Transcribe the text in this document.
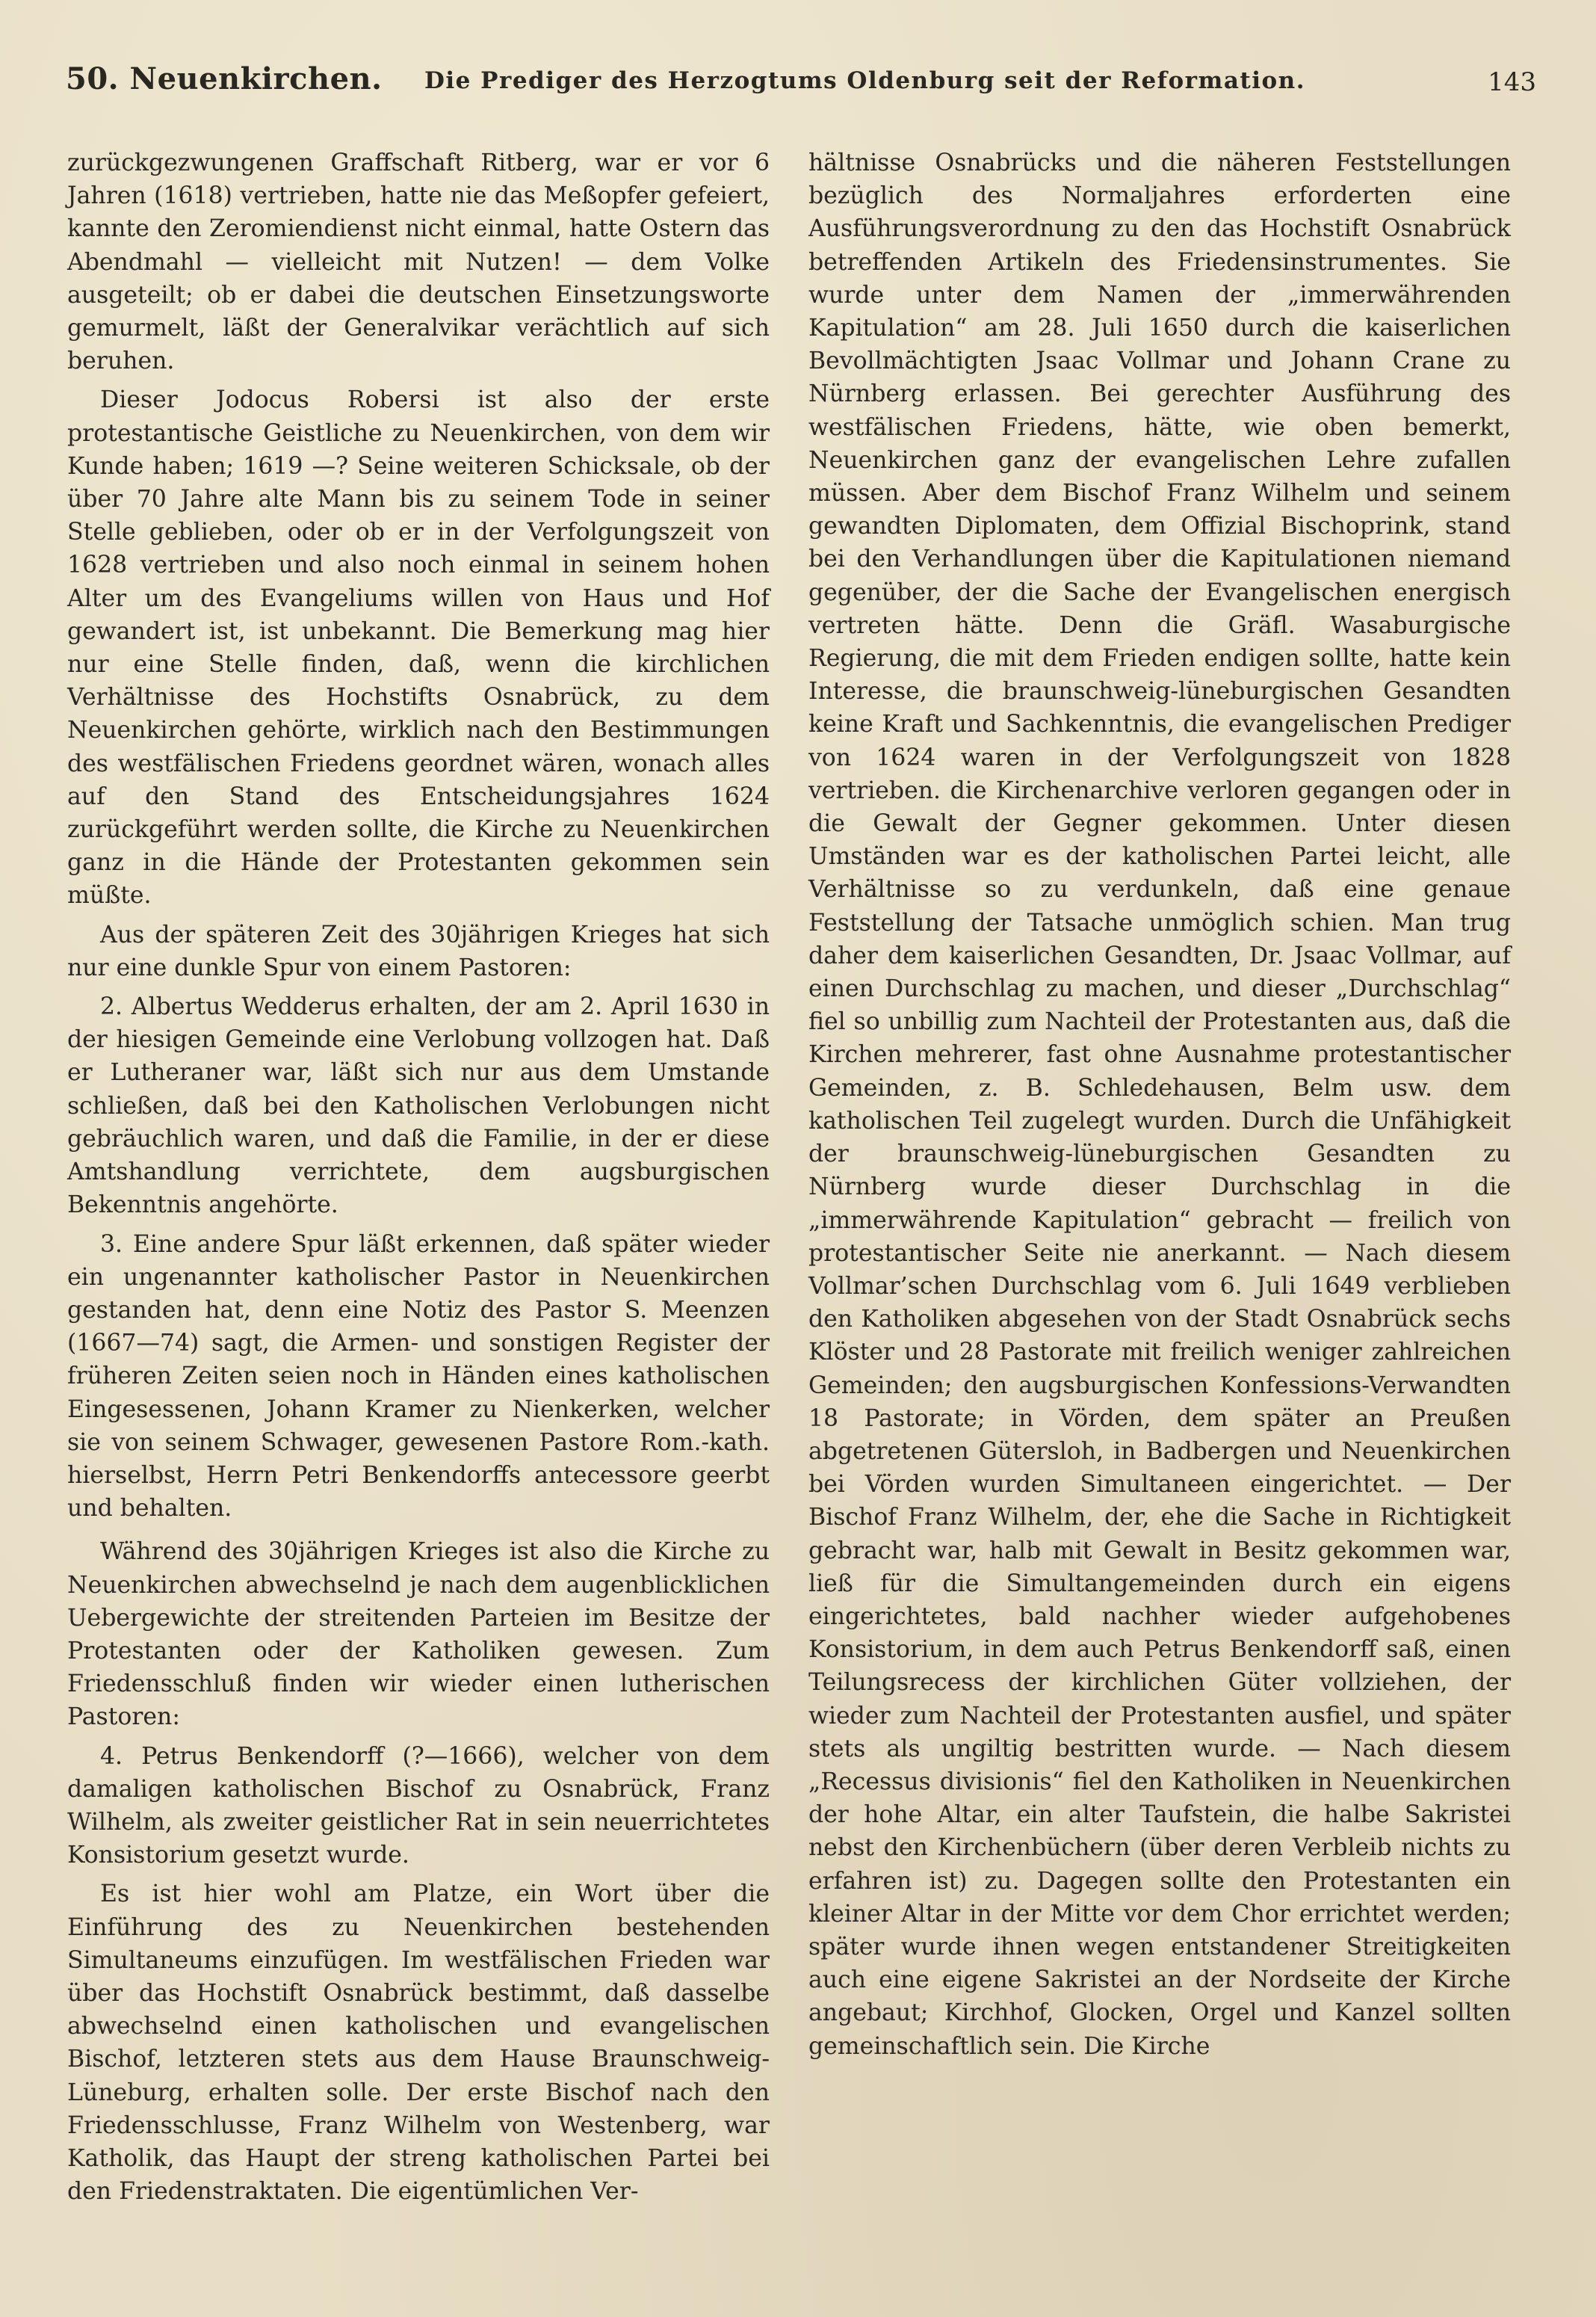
50. Neuenkirchen. Die Prediger des Herzogtums Oldenburg seit der Reformation.	143

zurückgezwungenen Graffschaft Ritberg, war er vor 6 Jahren (1618) vertrieben, hatte nie das Meßopfer gefeiert, kannte den Zeromiendienst nicht einmal, hatte Ostern das Abendmahl — vielleicht mit Nutzen! — dem Volke ausgeteilt; ob er dabei die deutschen Einsetzungsworte gemurmelt, läßt der Generalvikar verächtlich auf sich beruhen.

Dieser Jodocus Robersi ist also der erste protestantische Geistliche zu Neuenkirchen, von dem wir Kunde haben; 1619 —? Seine weiteren Schicksale, ob der über 70 Jahre alte Mann bis zu seinem Tode in seiner Stelle geblieben, oder ob er in der Verfolgungszeit von 1628 vertrieben und also noch einmal in seinem hohen Alter um des Evangeliums willen von Haus und Hof gewandert ist, ist unbekannt. Die Bemerkung mag hier nur eine Stelle finden, daß, wenn die kirchlichen Verhältnisse des Hochstifts Osnabrück, zu dem Neuenkirchen gehörte, wirklich nach den Bestimmungen des westfälischen Friedens geordnet wären, wonach alles auf den Stand des Entscheidungsjahres 1624 zurückgeführt werden sollte, die Kirche zu Neuenkirchen ganz in die Hände der Protestanten gekommen sein müßte.

Aus der späteren Zeit des 30jährigen Krieges hat sich nur eine dunkle Spur von einem Pastoren:

2. Albertus Wedderus erhalten, der am 2. April 1630 in der hiesigen Gemeinde eine Verlobung vollzogen hat. Daß er Lutheraner war, läßt sich nur aus dem Umstande schließen, daß bei den Katholischen Verlobungen nicht gebräuchlich waren, und daß die Familie, in der er diese Amtshandlung verrichtete, dem augsburgischen Bekenntnis angehörte.

3. Eine andere Spur läßt erkennen, daß später wieder ein ungenannter katholischer Pastor in Neuenkirchen gestanden hat, denn eine Notiz des Pastor S. Meenzen (1667—74) sagt, die Armen- und sonstigen Register der früheren Zeiten seien noch in Händen eines katholischen Eingesessenen, Johann Kramer zu Nienkerken, welcher sie von seinem Schwager, gewesenen Pastore Rom.-kath. hierselbst, Herrn Petri Benkendorffs antecessore geerbt und behalten.

Während des 30jährigen Krieges ist also die Kirche zu Neuenkirchen abwechselnd je nach dem augenblicklichen Uebergewichte der streitenden Parteien im Besitze der Protestanten oder der Katholiken gewesen. Zum Friedensschluß finden wir wieder einen lutherischen Pastoren:

4. Petrus Benkendorff (?—1666), welcher von dem damaligen katholischen Bischof zu Osnabrück, Franz Wilhelm, als zweiter geistlicher Rat in sein neuerrichtetes Konsistorium gesetzt wurde.

Es ist hier wohl am Platze, ein Wort über die Einführung des zu Neuenkirchen bestehenden Simultaneums einzufügen. Im westfälischen Frieden war über das Hochstift Osnabrück bestimmt, daß dasselbe abwechselnd einen katholischen und evangelischen Bischof, letzteren stets aus dem Hause Braunschweig-Lüneburg, erhalten solle. Der erste Bischof nach den Friedensschlusse, Franz Wilhelm von Westenberg, war Katholik, das Haupt der streng katholischen Partei bei den Friedenstraktaten. Die eigentümlichen Ver-

hältnisse Osnabrücks und die näheren Feststellungen bezüglich des Normaljahres erforderten eine Ausführungsverordnung zu den das Hochstift Osnabrück betreffenden Artikeln des Friedensinstrumentes. Sie wurde unter dem Namen der „immerwährenden Kapitulation“ am 28. Juli 1650 durch die kaiserlichen Bevollmächtigten Jsaac Vollmar und Johann Crane zu Nürnberg erlassen. Bei gerechter Ausführung des westfälischen Friedens, hätte, wie oben bemerkt, Neuenkirchen ganz der evangelischen Lehre zufallen müssen. Aber dem Bischof Franz Wilhelm und seinem gewandten Diplomaten, dem Offizial Bischoprink, stand bei den Verhandlungen über die Kapitulationen niemand gegenüber, der die Sache der Evangelischen energisch vertreten hätte. Denn die Gräfl. Wasaburgische Regierung, die mit dem Frieden endigen sollte, hatte kein Interesse, die braunschweig-lüneburgischen Gesandten keine Kraft und Sachkenntnis, die evangelischen Prediger von 1624 waren in der Verfolgungszeit von 1828 vertrieben. die Kirchenarchive verloren gegangen oder in die Gewalt der Gegner gekommen. Unter diesen Umständen war es der katholischen Partei leicht, alle Verhältnisse so zu verdunkeln, daß eine genaue Feststellung der Tatsache unmöglich schien. Man trug daher dem kaiserlichen Gesandten, Dr. Jsaac Vollmar, auf einen Durchschlag zu machen, und dieser „Durchschlag“ fiel so unbillig zum Nachteil der Protestanten aus, daß die Kirchen mehrerer, fast ohne Ausnahme protestantischer Gemeinden, z. B. Schledehausen, Belm usw. dem katholischen Teil zugelegt wurden. Durch die Unfähigkeit der braunschweig-lüneburgischen Gesandten zu Nürnberg wurde dieser Durchschlag in die „immerwährende Kapitulation“ gebracht — freilich von protestantischer Seite nie anerkannt. — Nach diesem Vollmar’schen Durchschlag vom 6. Juli 1649 verblieben den Katholiken abgesehen von der Stadt Osnabrück sechs Klöster und 28 Pastorate mit freilich weniger zahlreichen Gemeinden; den augsburgischen Konfessions-Verwandten 18 Pastorate; in Vörden, dem später an Preußen abgetretenen Gütersloh, in Badbergen und Neuenkirchen bei Vörden wurden Simultaneen eingerichtet. — Der Bischof Franz Wilhelm, der, ehe die Sache in Richtigkeit gebracht war, halb mit Gewalt in Besitz gekommen war, ließ für die Simultangemeinden durch ein eigens eingerichtetes, bald nachher wieder aufgehobenes Konsistorium, in dem auch Petrus Benkendorff saß, einen Teilungsrecess der kirchlichen Güter vollziehen, der wieder zum Nachteil der Protestanten ausfiel, und später stets als ungiltig bestritten wurde. — Nach diesem „Recessus divisionis“ fiel den Katholiken in Neuenkirchen der hohe Altar, ein alter Taufstein, die halbe Sakristei nebst den Kirchenbüchern (über deren Verbleib nichts zu erfahren ist) zu. Dagegen sollte den Protestanten ein kleiner Altar in der Mitte vor dem Chor errichtet werden; später wurde ihnen wegen entstandener Streitigkeiten auch eine eigene Sakristei an der Nordseite der Kirche angebaut; Kirchhof, Glocken, Orgel und Kanzel sollten gemeinschaftlich sein. Die Kirche
